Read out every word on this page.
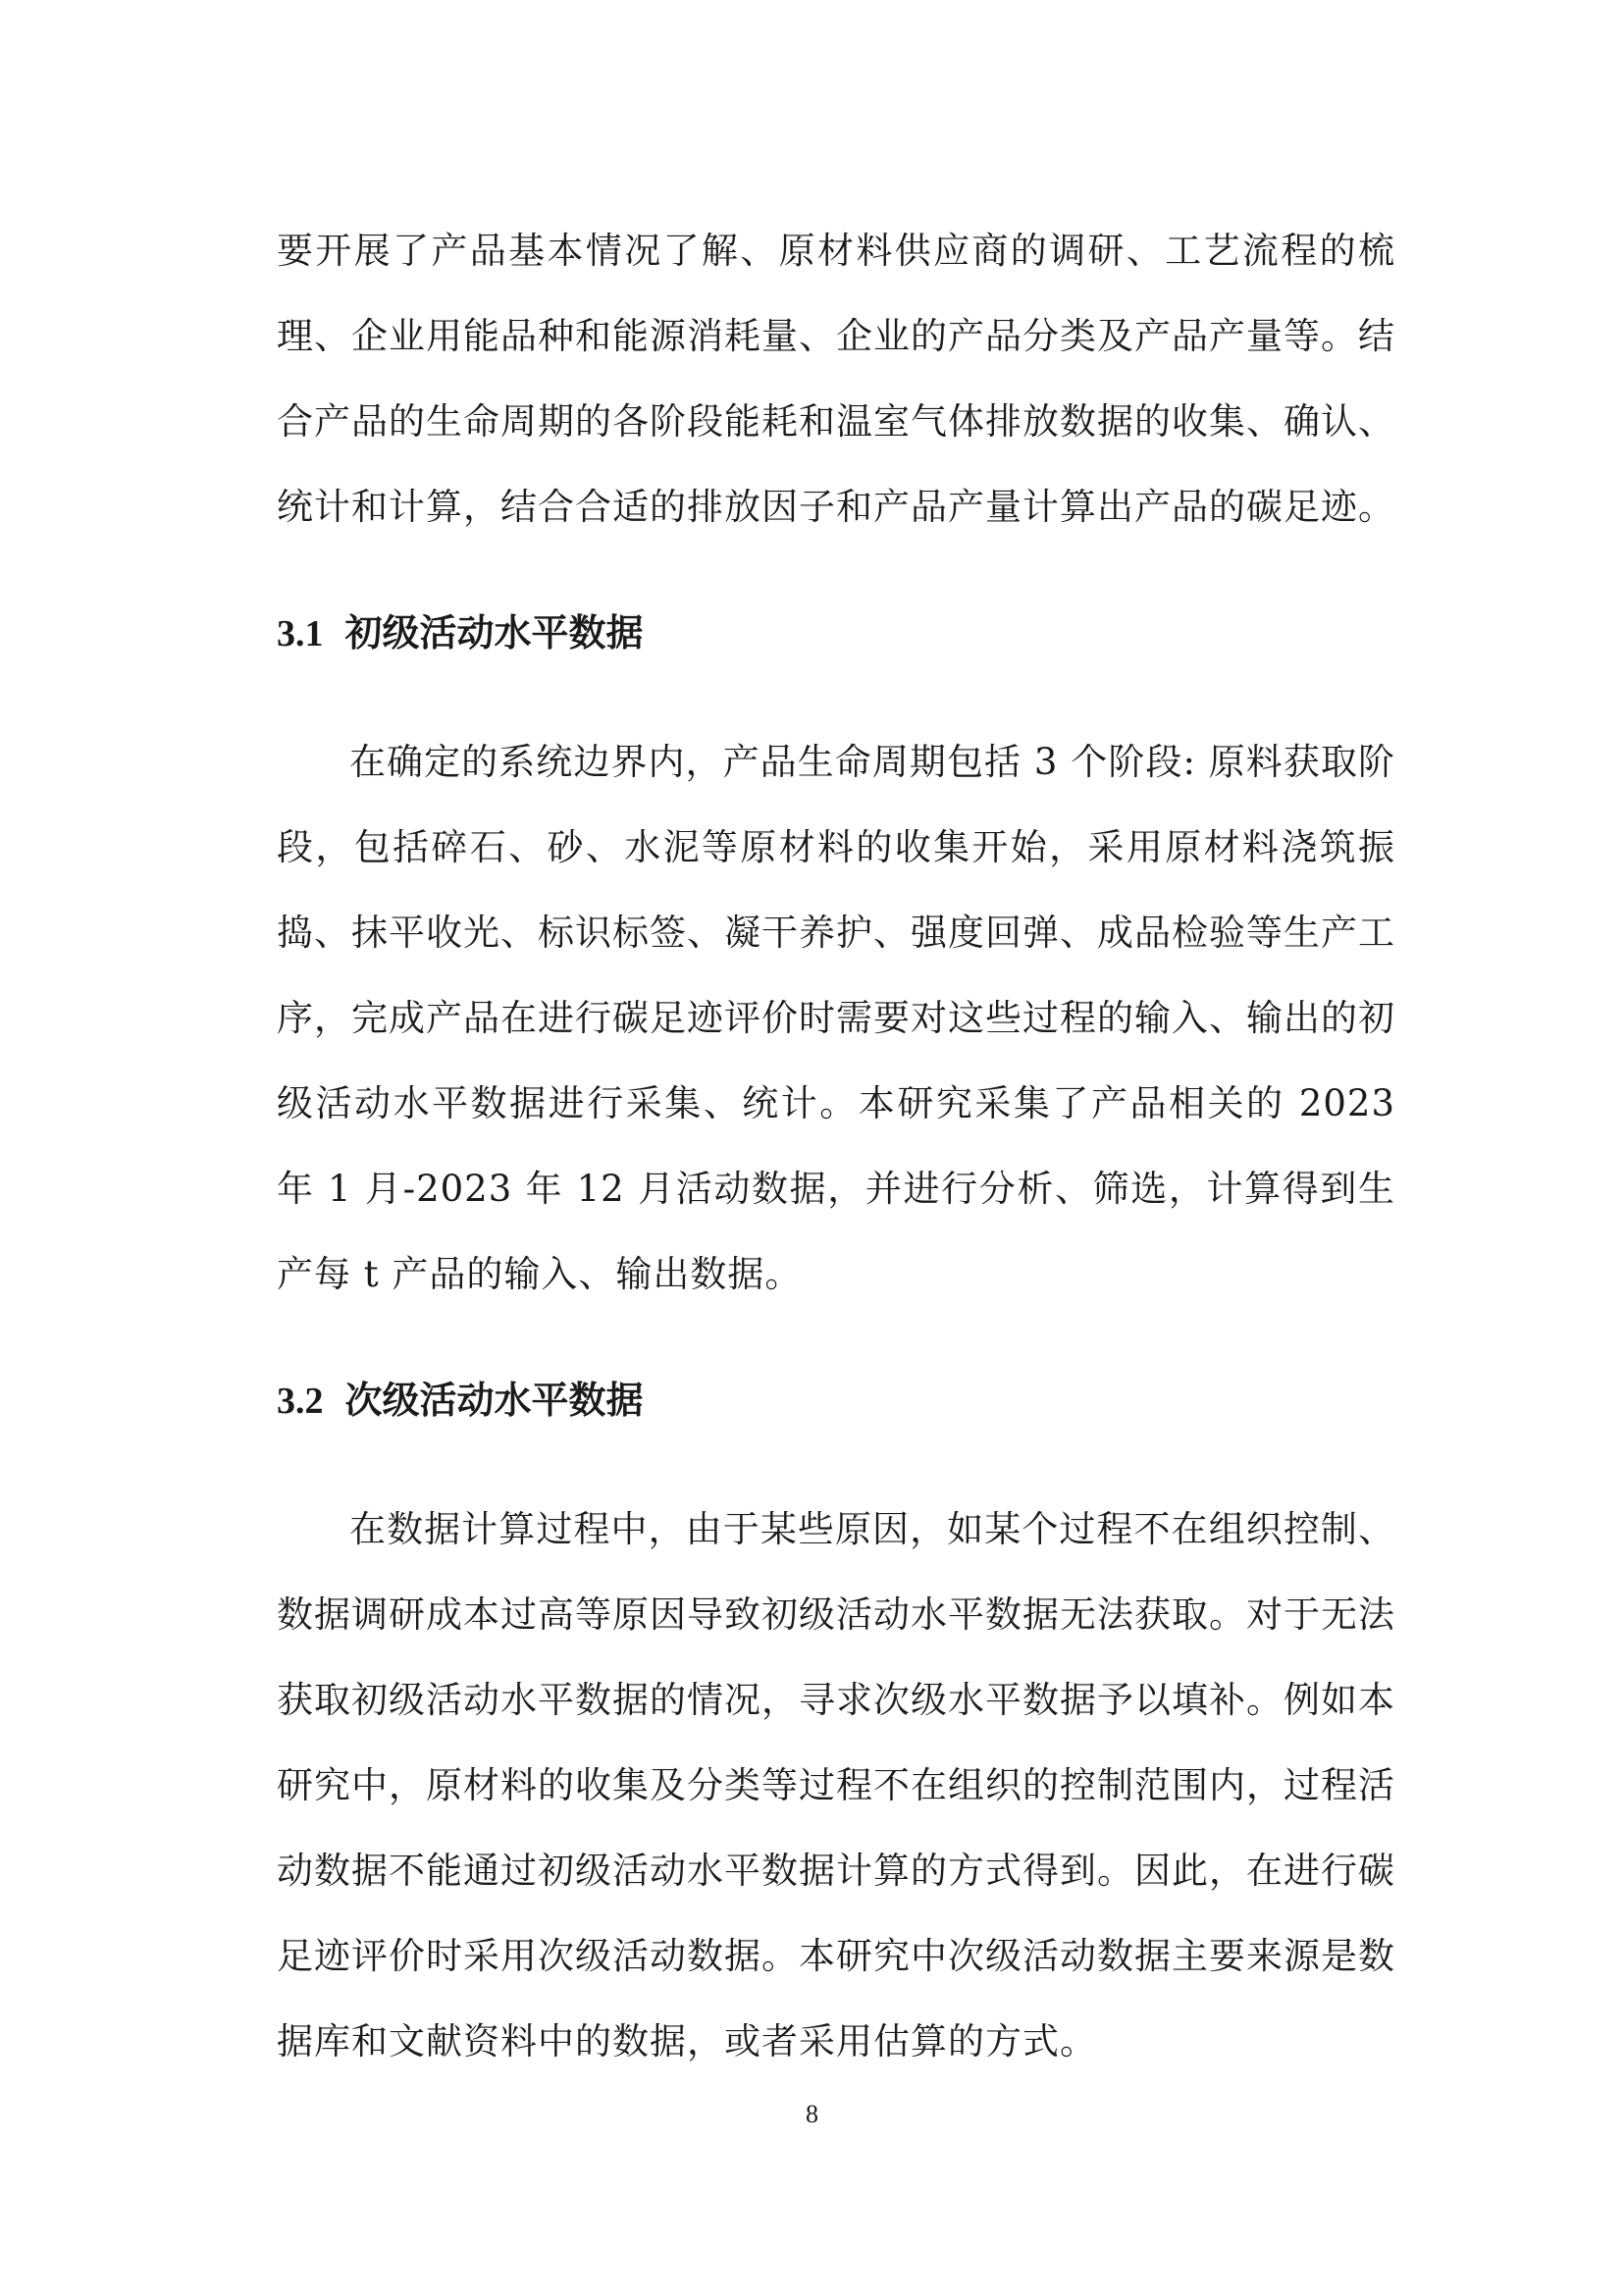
要开展了产品基本情况了解、原材料供应商的调研、工艺流程的梳理、企业用能品种和能源消耗量、企业的产品分类及产品产量等。结合产品的生命周期的各阶段能耗和温室气体排放数据的收集、确认、统计和计算，结合合适的排放因子和产品产量计算出产品的碳足迹。

3.1 初级活动水平数据

在确定的系统边界内，产品生命周期包括 3 个阶段: 原料获取阶段，包括碎石、砂、水泥等原材料的收集开始，采用原材料浇筑振捣、抹平收光、标识标签、凝干养护、强度回弹、成品检验等生产工序，完成产品在进行碳足迹评价时需要对这些过程的输入、输出的初级活动水平数据进行采集、统计。本研究采集了产品相关的 2023 年 1 月-2023 年 12 月活动数据，并进行分析、筛选，计算得到生产每 t 产品的输入、输出数据。

3.2 次级活动水平数据

在数据计算过程中，由于某些原因，如某个过程不在组织控制、数据调研成本过高等原因导致初级活动水平数据无法获取。对于无法获取初级活动水平数据的情况，寻求次级水平数据予以填补。例如本研究中，原材料的收集及分类等过程不在组织的控制范围内，过程活动数据不能通过初级活动水平数据计算的方式得到。因此，在进行碳足迹评价时采用次级活动数据。本研究中次级活动数据主要来源是数据库和文献资料中的数据，或者采用估算的方式。

8
